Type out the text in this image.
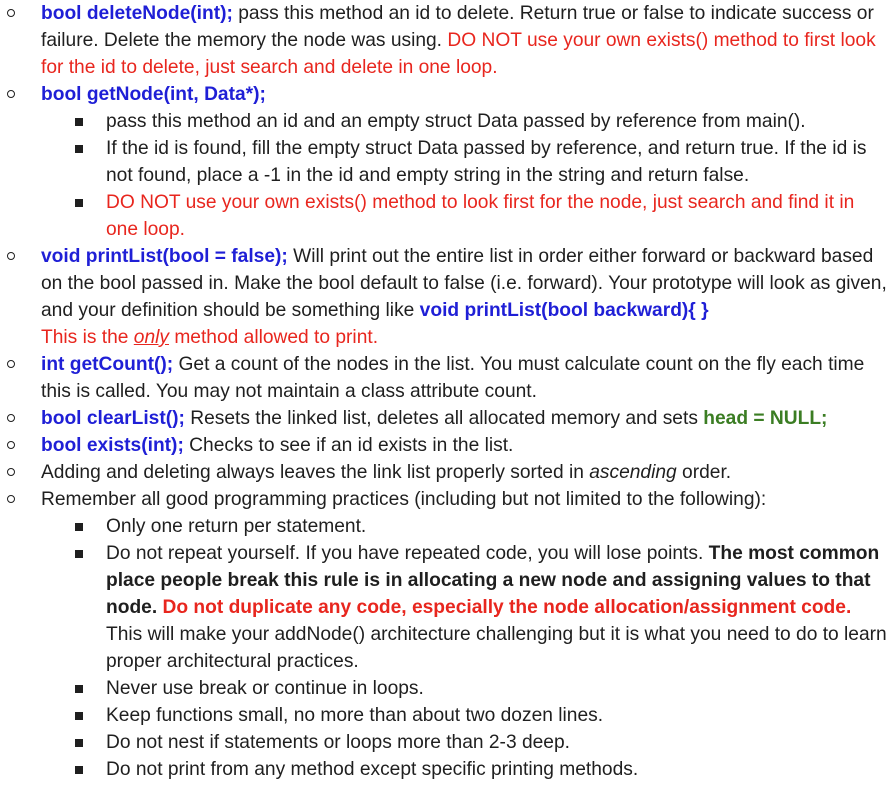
bool deleteNode(int); pass this method an id to delete. Return true or false to indicate success or failure. Delete the memory the node was using. DO NOT use your own exists() method to first look for the id to delete, just search and delete in one loop.
bool getNode(int, Data*);
pass this method an id and an empty struct Data passed by reference from main().
If the id is found, fill the empty struct Data passed by reference, and return true. If the id is not found, place a -1 in the id and empty string in the string and return false.
DO NOT use your own exists() method to look first for the node, just search and find it in one loop.
void printList(bool = false); Will print out the entire list in order either forward or backward based on the bool passed in. Make the bool default to false (i.e. forward). Your prototype will look as given, and your definition should be something like void printList(bool backward){ }
This is the only method allowed to print.
int getCount(); Get a count of the nodes in the list. You must calculate count on the fly each time this is called. You may not maintain a class attribute count.
bool clearList(); Resets the linked list, deletes all allocated memory and sets head = NULL;
bool exists(int); Checks to see if an id exists in the list.
Adding and deleting always leaves the link list properly sorted in ascending order.
Remember all good programming practices (including but not limited to the following):
Only one return per statement.
Do not repeat yourself. If you have repeated code, you will lose points. The most common place people break this rule is in allocating a new node and assigning values to that node. Do not duplicate any code, especially the node allocation/assignment code. This will make your addNode() architecture challenging but it is what you need to do to learn proper architectural practices.
Never use break or continue in loops.
Keep functions small, no more than about two dozen lines.
Do not nest if statements or loops more than 2-3 deep.
Do not print from any method except specific printing methods.
